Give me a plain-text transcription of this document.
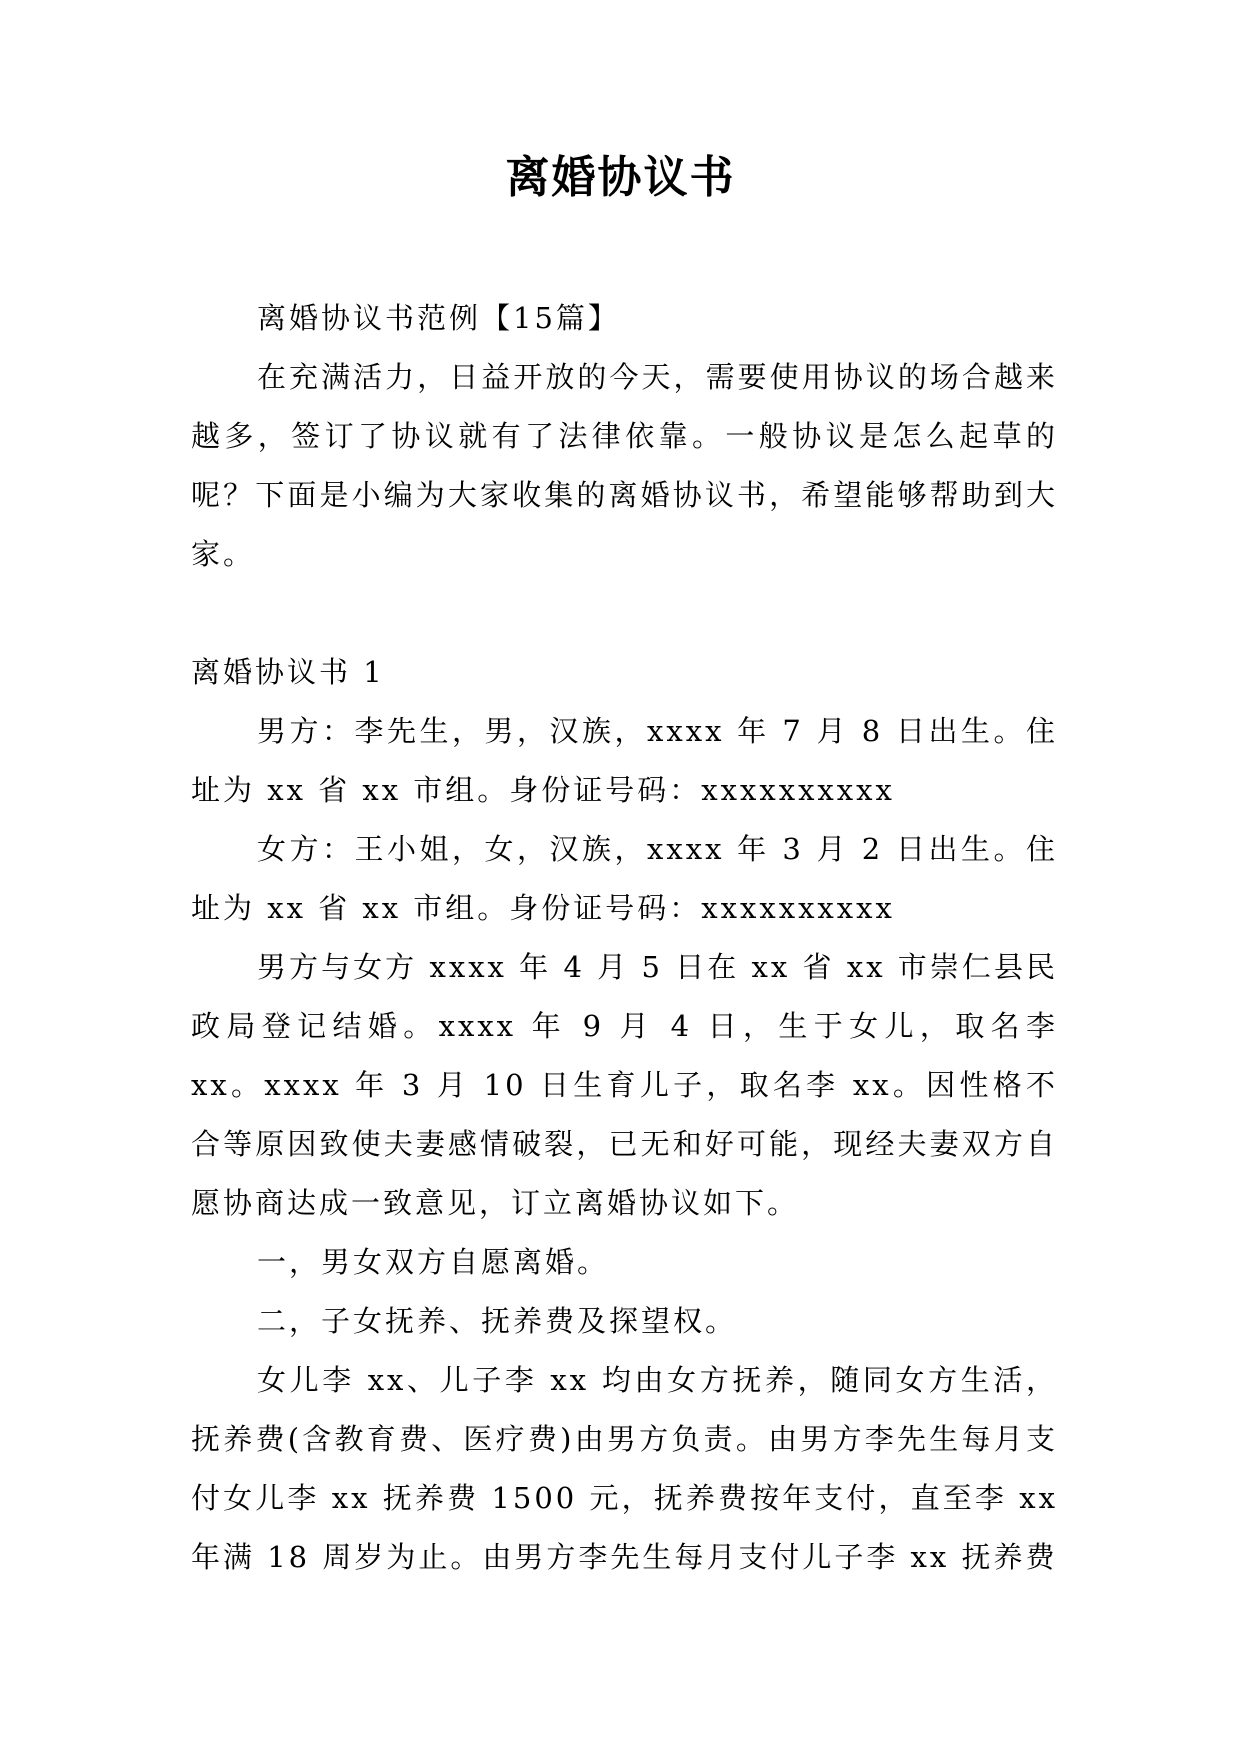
离婚协议书

离婚协议书范例【15篇】

在充满活力，日益开放的今天，需要使用协议的场合越来越多，签订了协议就有了法律依靠。一般协议是怎么起草的呢？下面是小编为大家收集的离婚协议书，希望能够帮助到大家。

离婚协议书 1

男方：李先生，男，汉族，xxxx 年 7 月 8 日出生。住址为 xx 省 xx 市组。身份证号码：xxxxxxxxxx

女方：王小姐，女，汉族，xxxx 年 3 月 2 日出生。住址为 xx 省 xx 市组。身份证号码：xxxxxxxxxx

男方与女方 xxxx 年 4 月 5 日在 xx 省 xx 市崇仁县民政局登记结婚。xxxx 年 9 月 4 日，生于女儿，取名李 xx。xxxx 年 3 月 10 日生育儿子，取名李 xx。因性格不合等原因致使夫妻感情破裂，已无和好可能，现经夫妻双方自愿协商达成一致意见，订立离婚协议如下。

一，男女双方自愿离婚。

二，子女抚养、抚养费及探望权。

女儿李 xx、儿子李 xx 均由女方抚养，随同女方生活，抚养费(含教育费、医疗费)由男方负责。由男方李先生每月支付女儿李 xx 抚养费 1500 元，抚养费按年支付，直至李 xx 年满 18 周岁为止。由男方李先生每月支付儿子李 xx 抚养费
